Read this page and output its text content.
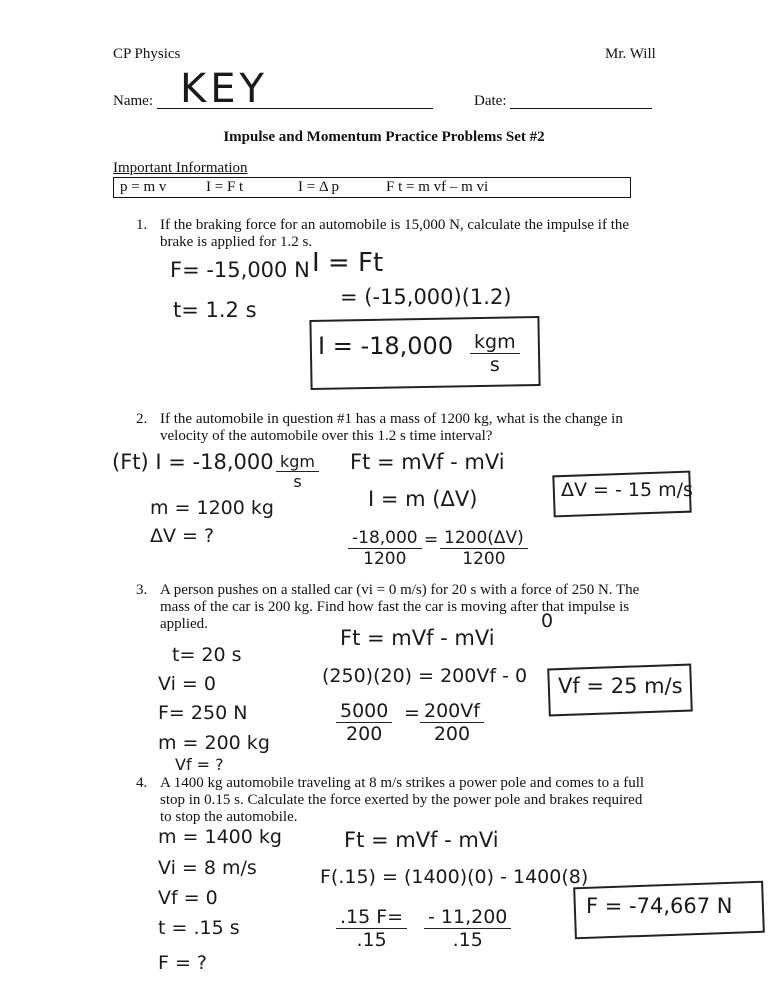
CP Physics	Mr. Will
Name: KEY	Date:
Impulse and Momentum Practice Problems Set #2
Important Information
p = m v	I = F t	I = Δ p	F t = m vf – m vi
1. If the braking force for an automobile is 15,000 N, calculate the impulse if the
brake is applied for 1.2 s.
F= -15,000 N
t= 1.2 s
I = Ft
= (-15,000)(1.2)
I = -18,000 kgm
s
2. If the automobile in question #1 has a mass of 1200 kg, what is the change in
velocity of the automobile over this 1.2 s time interval?
(Ft) I = -18,000 kgm
s
m = 1200 kg
ΔV = ?
Ft = mVf - mVi
I = m (ΔV)
$\frac{-18,000}{1200} = \frac{1200(\Delta V)}{1200}$
ΔV = - 15 m/s
3. A person pushes on a stalled car (vi = 0 m/s) for 20 s with a force of 250 N. The
mass of the car is 200 kg. Find how fast the car is moving after that impulse is
applied.
t= 20 s
Vi = 0
F= 250 N
m = 200 kg
Vf = ?
Ft = mVf - mVi
0
(250)(20) = 200Vf - 0
$\frac{5000}{200} = \frac{200Vf}{200}$
Vf = 25 m/s
4. A 1400 kg automobile traveling at 8 m/s strikes a power pole and comes to a full
stop in 0.15 s. Calculate the force exerted by the power pole and brakes required
to stop the automobile.
m = 1400 kg
Vi = 8 m/s
Vf = 0
t = .15 s
F = ?
Ft = mVf - mVi
F(.15) = (1400)(0) - 1400(8)
$\frac{.15 F=}{.15} \frac{- 11,200}{.15}$	F = -74,667 N
